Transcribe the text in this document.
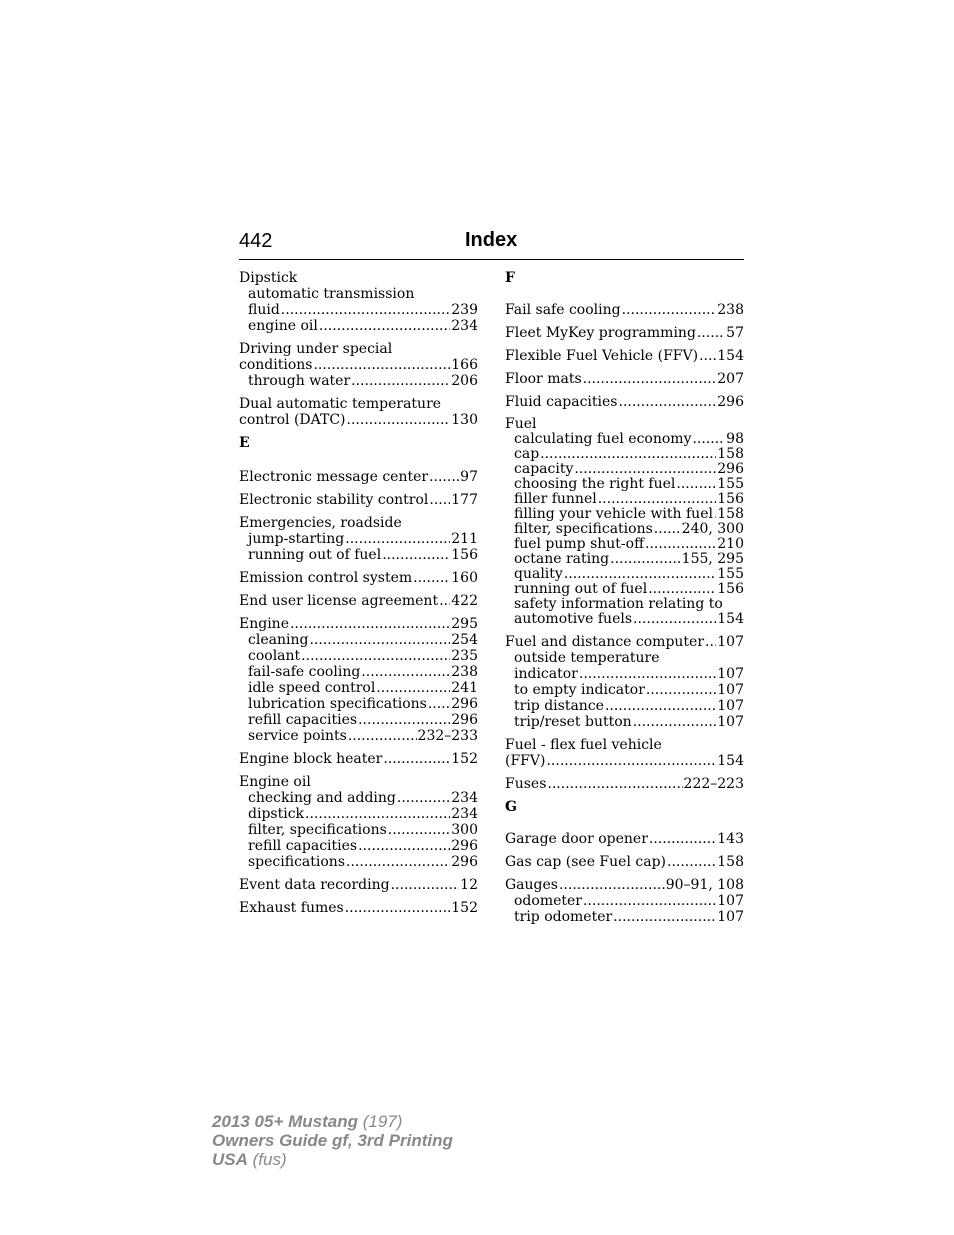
442	Index
Dipstick
automatic transmission
fluid .....	239
engine oil .....	234
Driving under special
conditions .....	166
through water .....	206
Dual automatic temperature
control (DATC) .....	130
E
Electronic message center ..... 97
Electronic stability control ..... 177
Emergencies, roadside
jump-starting .....	211
running out of fuel .....	156
Emission control system .....	160
End user license agreement ..... 422
Engine .....	295
cleaning .....	254
coolant .....	235
fail-safe cooling .....	238
idle speed control .....	241
lubrication specifications ..... 296
refill capacities .....	296
service points .....	232–233
Engine block heater .....	152
Engine oil
checking and adding .....	234
dipstick .....	234
filter, specifications .....	300
refill capacities .....	296
specifications .....	296
Event data recording .....	12
Exhaust fumes .....	152
F
Fail safe cooling .....	238
Fleet MyKey programming ..... 57
Flexible Fuel Vehicle (FFV) ..... 154
Floor mats .....	207
Fluid capacities .....	296
Fuel
calculating fuel economy ..... 98
cap .....	158
capacity .....	296
choosing the right fuel .....	155
filler funnel .....	156
filling your vehicle with fuel ..... 158
filter, specifications ..... 240, 300
fuel pump shut-off .....	210
octane rating .....	155, 295
quality .....	155
running out of fuel .....	156
safety information relating to
automotive fuels .....	154
Fuel and distance computer ..... 107
outside temperature
indicator .....	107
to empty indicator .....	107
trip distance .....	107
trip/reset button .....	107
Fuel - flex fuel vehicle
(FFV) .....	154
Fuses .....	222–223
G
Garage door opener .....	143
Gas cap (see Fuel cap) .....	158
Gauges .....	90–91, 108
odometer .....	107
trip odometer .....	107
2013 05+ Mustang (197)
Owners Guide gf, 3rd Printing
USA (fus)
